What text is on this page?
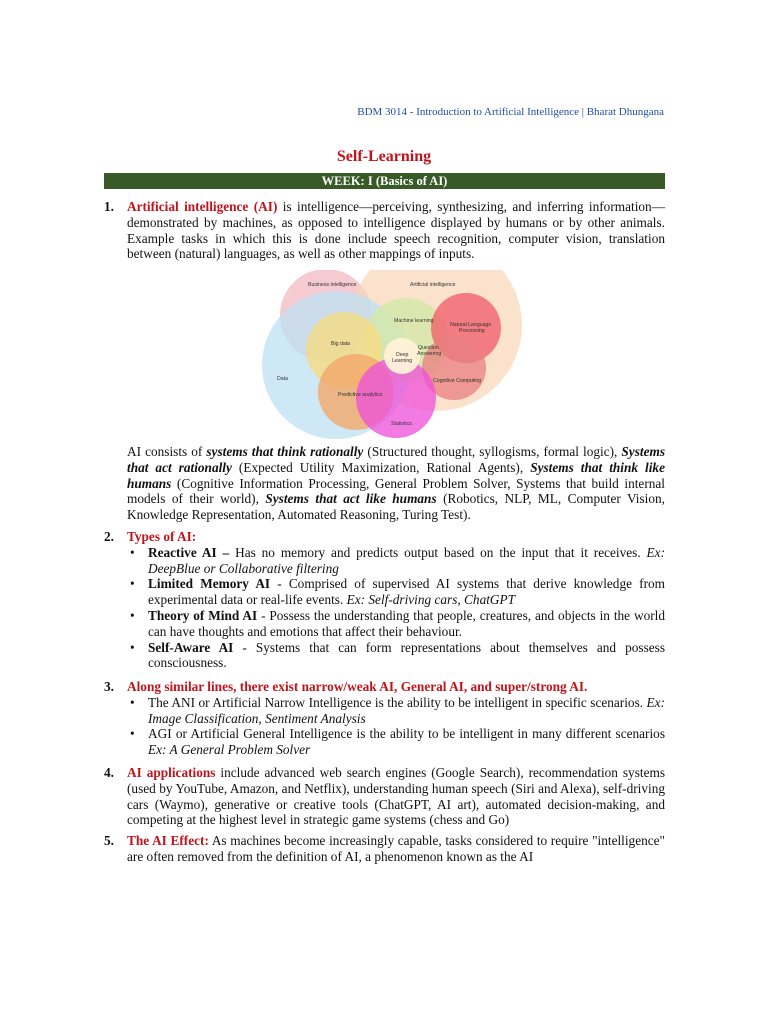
BDM 3014 - Introduction to Artificial Intelligence | Bharat Dhungana
Self-Learning
WEEK: I (Basics of AI)
1. Artificial intelligence (AI) is intelligence—perceiving, synthesizing, and inferring information—demonstrated by machines, as opposed to intelligence displayed by humans or by other animals. Example tasks in which this is done include speech recognition, computer vision, translation between (natural) languages, as well as other mappings of inputs.
Business intelligence	Artificial intelligence
Machine learning
Natural Language
Processing
Big data
Question
Answering
Deep
Learning
Data	Cognitive Computing
Predictive analytics
Statistics
AI consists of systems that think rationally (Structured thought, syllogisms, formal logic), Systems that act rationally (Expected Utility Maximization, Rational Agents), Systems that think like humans (Cognitive Information Processing, General Problem Solver, Systems that build internal models of their world), Systems that act like humans (Robotics, NLP, ML, Computer Vision, Knowledge Representation, Automated Reasoning, Turing Test).
2. Types of AI:
• Reactive AI – Has no memory and predicts output based on the input that it receives. Ex: DeepBlue or Collaborative filtering
• Limited Memory AI - Comprised of supervised AI systems that derive knowledge from experimental data or real-life events. Ex: Self-driving cars, ChatGPT
• Theory of Mind AI - Possess the understanding that people, creatures, and objects in the world can have thoughts and emotions that affect their behaviour.
• Self-Aware AI - Systems that can form representations about themselves and possess consciousness.
3. Along similar lines, there exist narrow/weak AI, General AI, and super/strong AI.
• The ANI or Artificial Narrow Intelligence is the ability to be intelligent in specific scenarios. Ex: Image Classification, Sentiment Analysis
• AGI or Artificial General Intelligence is the ability to be intelligent in many different scenarios Ex: A General Problem Solver
4. AI applications include advanced web search engines (Google Search), recommendation systems (used by YouTube, Amazon, and Netflix), understanding human speech (Siri and Alexa), self-driving cars (Waymo), generative or creative tools (ChatGPT, AI art), automated decision-making, and competing at the highest level in strategic game systems (chess and Go)
5. The AI Effect: As machines become increasingly capable, tasks considered to require "intelligence" are often removed from the definition of AI, a phenomenon known as the AI
